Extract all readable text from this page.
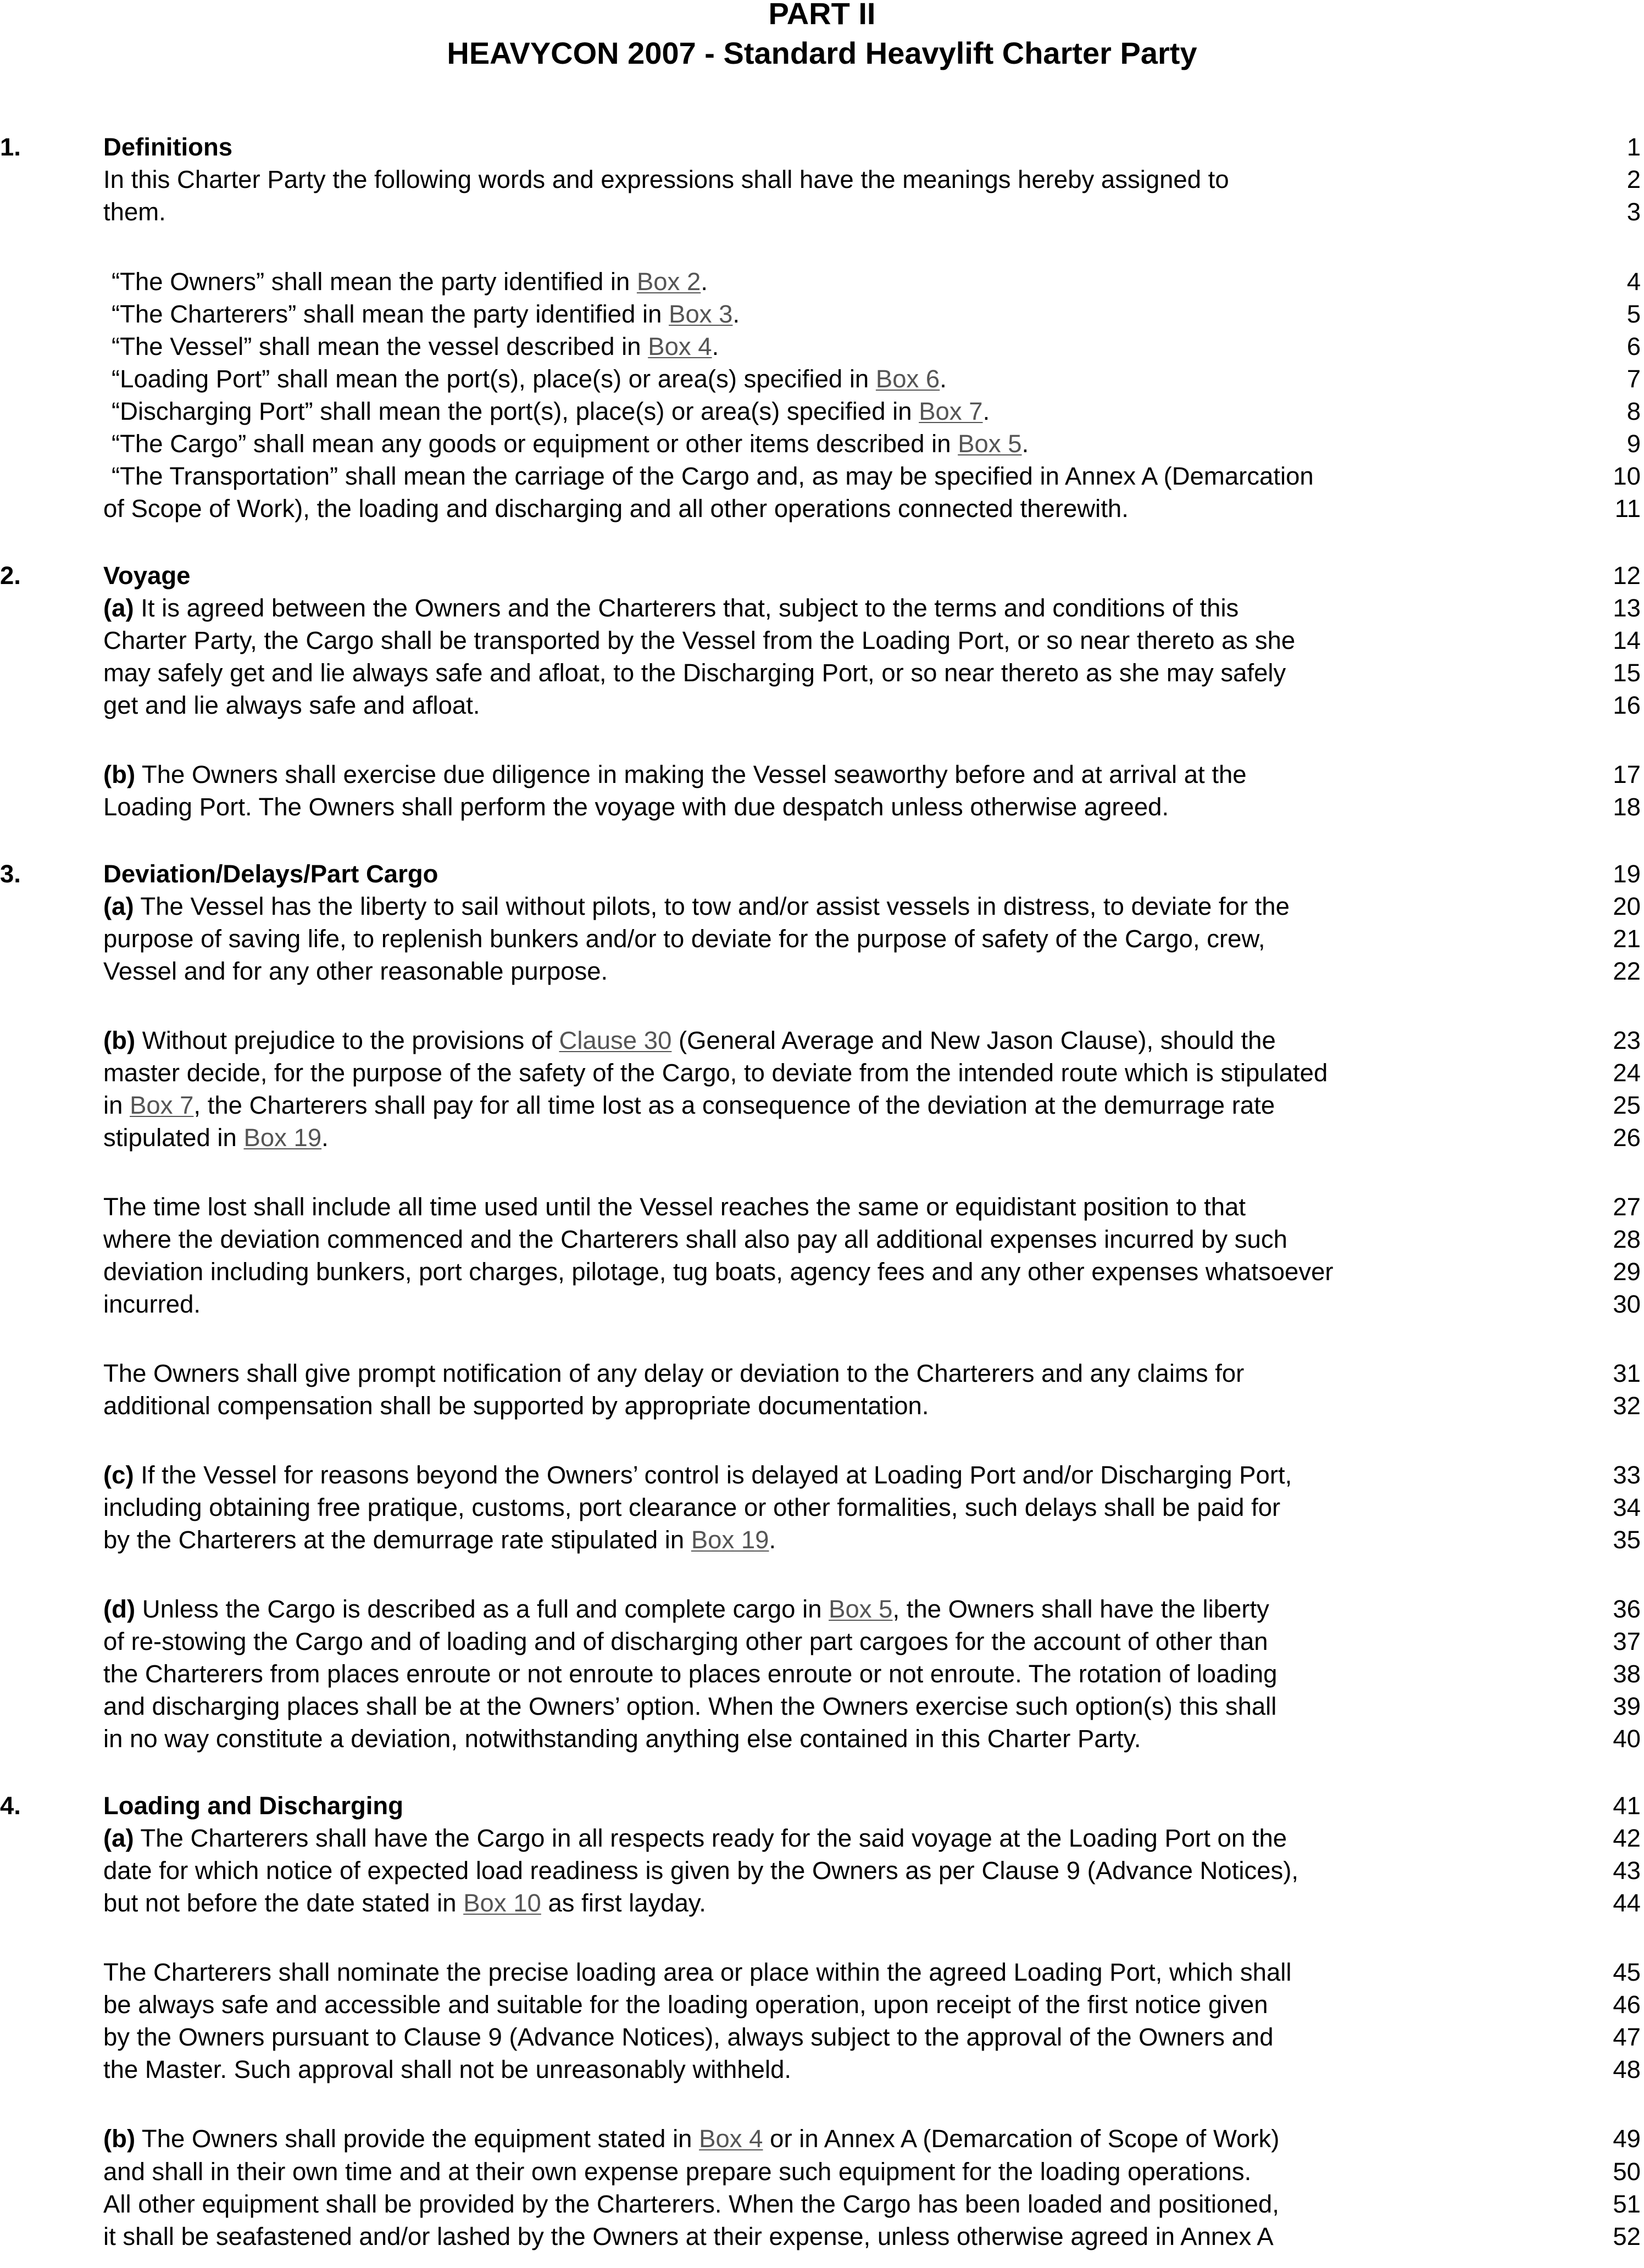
PART II
HEAVYCON 2007 - Standard Heavylift Charter Party
1.	Definitions	1
In this Charter Party the following words and expressions shall have the meanings hereby assigned to	2
them.	3
“The Owners” shall mean the party identified in Box 2.	4
“The Charterers” shall mean the party identified in Box 3.	5
“The Vessel” shall mean the vessel described in Box 4.	6
“Loading Port” shall mean the port(s), place(s) or area(s) specified in Box 6.	7
“Discharging Port” shall mean the port(s), place(s) or area(s) specified in Box 7.	8
“The Cargo” shall mean any goods or equipment or other items described in Box 5.	9
“The Transportation” shall mean the carriage of the Cargo and, as may be specified in Annex A (Demarcation	10
of Scope of Work), the loading and discharging and all other operations connected therewith.	11
2.	Voyage	12
(a) It is agreed between the Owners and the Charterers that, subject to the terms and conditions of this	13
Charter Party, the Cargo shall be transported by the Vessel from the Loading Port, or so near thereto as she	14
may safely get and lie always safe and afloat, to the Discharging Port, or so near thereto as she may safely	15
get and lie always safe and afloat.	16
(b) The Owners shall exercise due diligence in making the Vessel seaworthy before and at arrival at the	17
Loading Port. The Owners shall perform the voyage with due despatch unless otherwise agreed.	18
3.	Deviation/Delays/Part Cargo	19
(a) The Vessel has the liberty to sail without pilots, to tow and/or assist vessels in distress, to deviate for the	20
purpose of saving life, to replenish bunkers and/or to deviate for the purpose of safety of the Cargo, crew,	21
Vessel and for any other reasonable purpose.	22
(b) Without prejudice to the provisions of Clause 30 (General Average and New Jason Clause), should the	23
master decide, for the purpose of the safety of the Cargo, to deviate from the intended route which is stipulated	24
in Box 7, the Charterers shall pay for all time lost as a consequence of the deviation at the demurrage rate	25
stipulated in Box 19.	26
The time lost shall include all time used until the Vessel reaches the same or equidistant position to that	27
where the deviation commenced and the Charterers shall also pay all additional expenses incurred by such	28
deviation including bunkers, port charges, pilotage, tug boats, agency fees and any other expenses whatsoever	29
incurred.	30
The Owners shall give prompt notification of any delay or deviation to the Charterers and any claims for	31
additional compensation shall be supported by appropriate documentation.	32
(c) If the Vessel for reasons beyond the Owners’ control is delayed at Loading Port and/or Discharging Port,	33
including obtaining free pratique, customs, port clearance or other formalities, such delays shall be paid for	34
by the Charterers at the demurrage rate stipulated in Box 19.	35
(d) Unless the Cargo is described as a full and complete cargo in Box 5, the Owners shall have the liberty	36
of re-stowing the Cargo and of loading and of discharging other part cargoes for the account of other than	37
the Charterers from places enroute or not enroute to places enroute or not enroute. The rotation of loading	38
and discharging places shall be at the Owners’ option. When the Owners exercise such option(s) this shall	39
in no way constitute a deviation, notwithstanding anything else contained in this Charter Party.	40
4.	Loading and Discharging	41
(a) The Charterers shall have the Cargo in all respects ready for the said voyage at the Loading Port on the	42
date for which notice of expected load readiness is given by the Owners as per Clause 9 (Advance Notices),	43
but not before the date stated in Box 10 as first layday.	44
The Charterers shall nominate the precise loading area or place within the agreed Loading Port, which shall	45
be always safe and accessible and suitable for the loading operation, upon receipt of the first notice given	46
by the Owners pursuant to Clause 9 (Advance Notices), always subject to the approval of the Owners and	47
the Master. Such approval shall not be unreasonably withheld.	48
(b) The Owners shall provide the equipment stated in Box 4 or in Annex A (Demarcation of Scope of Work)	49
and shall in their own time and at their own expense prepare such equipment for the loading operations.	50
All other equipment shall be provided by the Charterers. When the Cargo has been loaded and positioned,	51
it shall be seafastened and/or lashed by the Owners at their expense, unless otherwise agreed in Annex A	52
